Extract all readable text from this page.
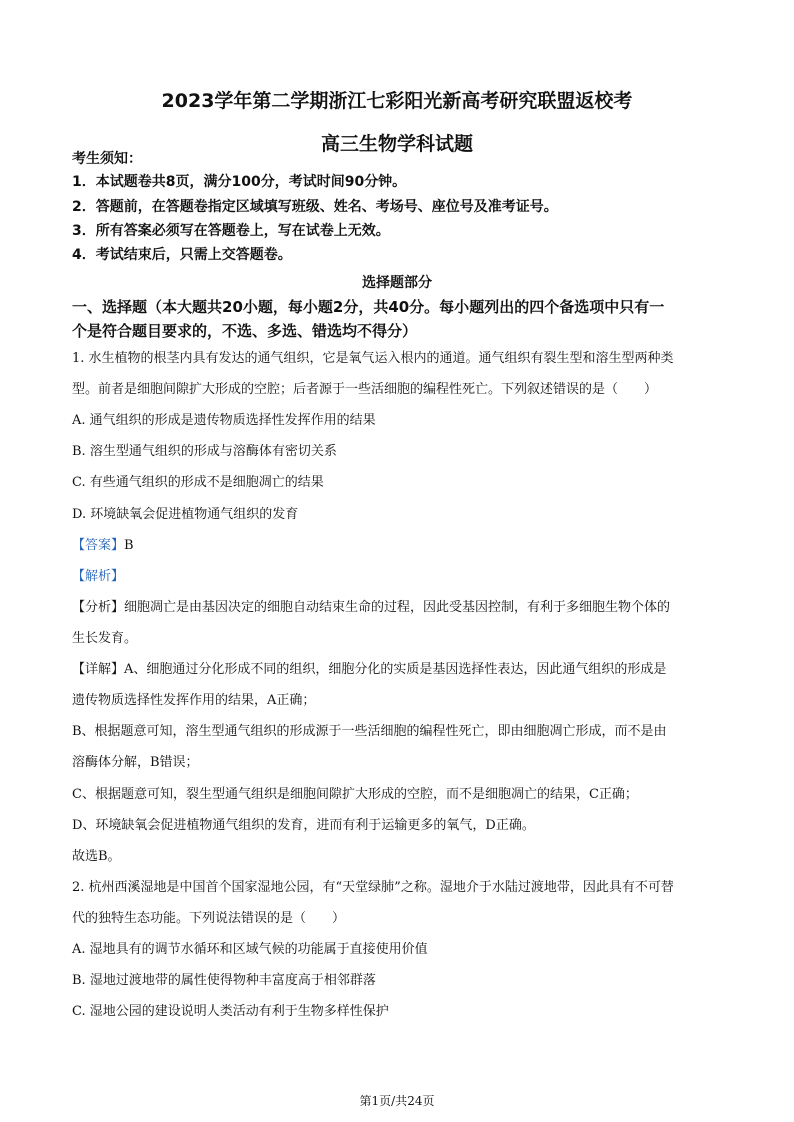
2023学年第二学期浙江七彩阳光新高考研究联盟返校考
高三生物学科试题
考生须知：
1．本试题卷共8页，满分100分，考试时间90分钟。
2．答题前，在答题卷指定区域填写班级、姓名、考场号、座位号及准考证号。
3．所有答案必须写在答题卷上，写在试卷上无效。
4．考试结束后，只需上交答题卷。
选择题部分
一、选择题（本大题共20小题，每小题2分，共40分。每小题列出的四个备选项中只有一
个是符合题目要求的，不选、多选、错选均不得分）
1. 水生植物的根茎内具有发达的通气组织，它是氧气运入根内的通道。通气组织有裂生型和溶生型两种类
型。前者是细胞间隙扩大形成的空腔；后者源于一些活细胞的编程性死亡。下列叙述错误的是（　　）
A. 通气组织的形成是遗传物质选择性发挥作用的结果
B. 溶生型通气组织的形成与溶酶体有密切关系
C. 有些通气组织的形成不是细胞凋亡的结果
D. 环境缺氧会促进植物通气组织的发育
【答案】B
【解析】
【分析】细胞凋亡是由基因决定的细胞自动结束生命的过程，因此受基因控制，有利于多细胞生物个体的
生长发育。
【详解】A、细胞通过分化形成不同的组织，细胞分化的实质是基因选择性表达，因此通气组织的形成是
遗传物质选择性发挥作用的结果，A正确；
B、根据题意可知，溶生型通气组织的形成源于一些活细胞的编程性死亡，即由细胞凋亡形成，而不是由
溶酶体分解，B错误；
C、根据题意可知，裂生型通气组织是细胞间隙扩大形成的空腔，而不是细胞凋亡的结果，C正确；
D、环境缺氧会促进植物通气组织的发育，进而有利于运输更多的氧气，D正确。
故选B。
2. 杭州西溪湿地是中国首个国家湿地公园，有“天堂绿肺”之称。湿地介于水陆过渡地带，因此具有不可替
代的独特生态功能。下列说法错误的是（　　）
A. 湿地具有的调节水循环和区域气候的功能属于直接使用价值
B. 湿地过渡地带的属性使得物种丰富度高于相邻群落
C. 湿地公园的建设说明人类活动有利于生物多样性保护
第1页/共24页
